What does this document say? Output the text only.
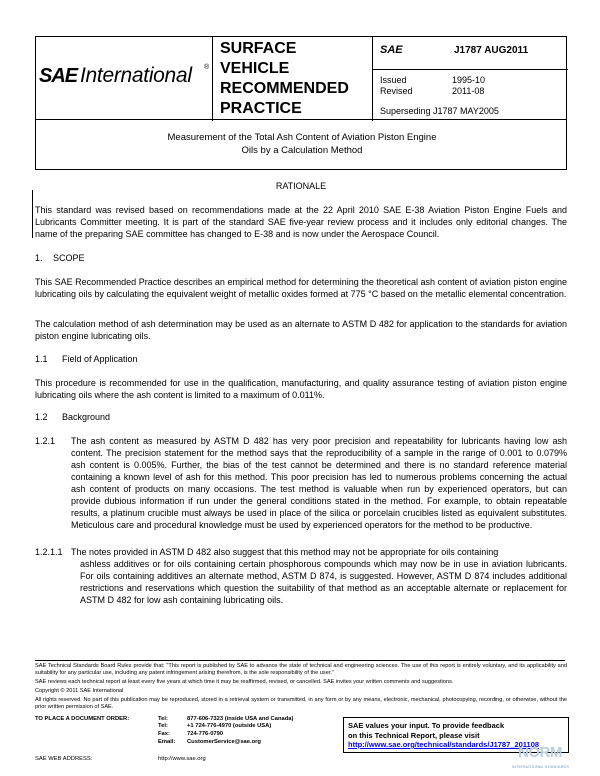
SAE International ®
SURFACE
VEHICLE
RECOMMENDED
PRACTICE
SAE	J1787 AUG2011
Issued	1995-10
Revised	2011-08
Superseding J1787 MAY2005
Measurement of the Total Ash Content of Aviation Piston Engine
Oils by a Calculation Method
RATIONALE
This standard was revised based on recommendations made at the 22 April 2010 SAE E-38 Aviation Piston Engine Fuels and Lubricants Committer meeting. It is part of the standard SAE five-year review process and it includes only editorial changes. The name of the preparing SAE committee has changed to E-38 and is now under the Aerospace Council.
1. SCOPE
This SAE Recommended Practice describes an empirical method for determining the theoretical ash content of aviation piston engine lubricating oils by calculating the equivalent weight of metallic oxides formed at 775 °C based on the metallic elemental concentration.
The calculation method of ash determination may be used as an alternate to ASTM D 482 for application to the standards for aviation piston engine lubricating oils.
1.1 Field of Application
This procedure is recommended for use in the qualification, manufacturing, and quality assurance testing of aviation piston engine lubricating oils where the ash content is limited to a maximum of 0.011%.
1.2 Background
1.2.1 The ash content as measured by ASTM D 482 has very poor precision and repeatability for lubricants having low ash content. The precision statement for the method says that the reproducibility of a sample in the range of 0.001 to 0.079% ash content is 0.005%. Further, the bias of the test cannot be determined and there is no standard reference material containing a known level of ash for this method. This poor precision has led to numerous problems concerning the actual ash content of products on many occasions. The test method is valuable when run by experienced operators, but can provide dubious information if run under the general conditions stated in the method. For example, to obtain repeatable results, a platinum crucible must always be used in place of the silica or porcelain crucibles listed as equivalent substitutes. Meticulous care and procedural knowledge must be used by experienced operators for the method to be productive.
1.2.1.1 The notes provided in ASTM D 482 also suggest that this method may not be appropriate for oils containing
ashless additives or for oils containing certain phosphorous compounds which may now be in use in aviation lubricants. For oils containing additives an alternate method, ASTM D 874, is suggested. However, ASTM D 874 includes additional restrictions and reservations which question the suitability of that method as an acceptable alternate or replacement for ASTM D 482 for low ash containing lubricating oils.
SAE Technical Standards Board Rules provide that: "This report is published by SAE to advance the state of technical and engineering sciences. The use of this report is entirely voluntary, and its applicability and suitability for any particular use, including any patent infringement arising therefrom, is the sole responsibility of the user."
SAE reviews each technical report at least every five years at which time it may be reaffirmed, revised, or cancelled. SAE invites your written comments and suggestions.
Copyright © 2011 SAE International
All rights reserved. No part of this publication may be reproduced, stored in a retrieval system or transmitted, in any form or by any means, electronic, mechanical, photocopying, recording, or otherwise, without the prior written permission of SAE.
TO PLACE A DOCUMENT ORDER:	Tel:	877-606-7323 (inside USA and Canada)
Tel:	+1 724-776-4970 (outside USA)
Fax:	724-776-0790
Email: CustomerService@sae.org
SAE WEB ADDRESS:	http://www.sae.org
SAE values your input. To provide feedback
on this Technical Report, please visit
http://www.sae.org/technical/standards/J1787_201108
NORM
INTERNATIONAL STANDARDS
